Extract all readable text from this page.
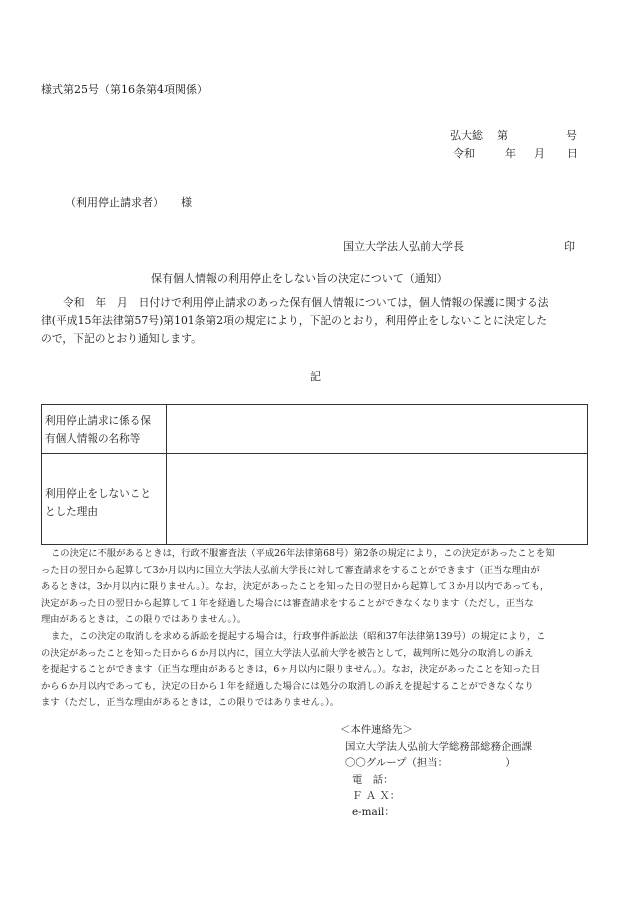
様式第25号（第16条第4項関係）
弘大総 第	号
令和	年 月 日
（利用停止請求者） 様
国立大学法人弘前大学長	印
保有個人情報の利用停止をしない旨の決定について（通知）
令和　年　月　日付けで利用停止請求のあった保有個人情報については，個人情報の保護に関する法
律(平成15年法律第57号)第101条第2項の規定により，下記のとおり，利用停止をしないことに決定した
ので，下記のとおり通知します。
記
利用停止請求に係る保
有個人情報の名称等
利用停止をしないこと
とした理由
この決定に不服があるときは，行政不服審査法（平成26年法律第68号）第2条の規定により，この決定があったことを知
った日の翌日から起算して3か月以内に国立大学法人弘前大学長に対して審査請求をすることができます（正当な理由が
あるときは，3か月以内に限りません。）。なお，決定があったことを知った日の翌日から起算して３か月以内であっても，
決定があった日の翌日から起算して１年を経過した場合には審査請求をすることができなくなります（ただし，正当な
理由があるときは，この限りではありません。）。
また，この決定の取消しを求める訴訟を提起する場合は，行政事件訴訟法（昭和37年法律第139号）の規定により，こ
の決定があったことを知った日から６か月以内に，国立大学法人弘前大学を被告として，裁判所に処分の取消しの訴え
を提起することができます（正当な理由があるときは，6ヶ月以内に限りません。）。なお，決定があったことを知った日
から６か月以内であっても，決定の日から１年を経過した場合には処分の取消しの訴えを提起することができなくなり
ます（ただし，正当な理由があるときは，この限りではありません。）。
＜本件連絡先＞
国立大学法人弘前大学総務部総務企画課
〇〇グループ（担当：　　　　　　）
電　話：
Ｆ Ａ Ｘ：
e-mail：
